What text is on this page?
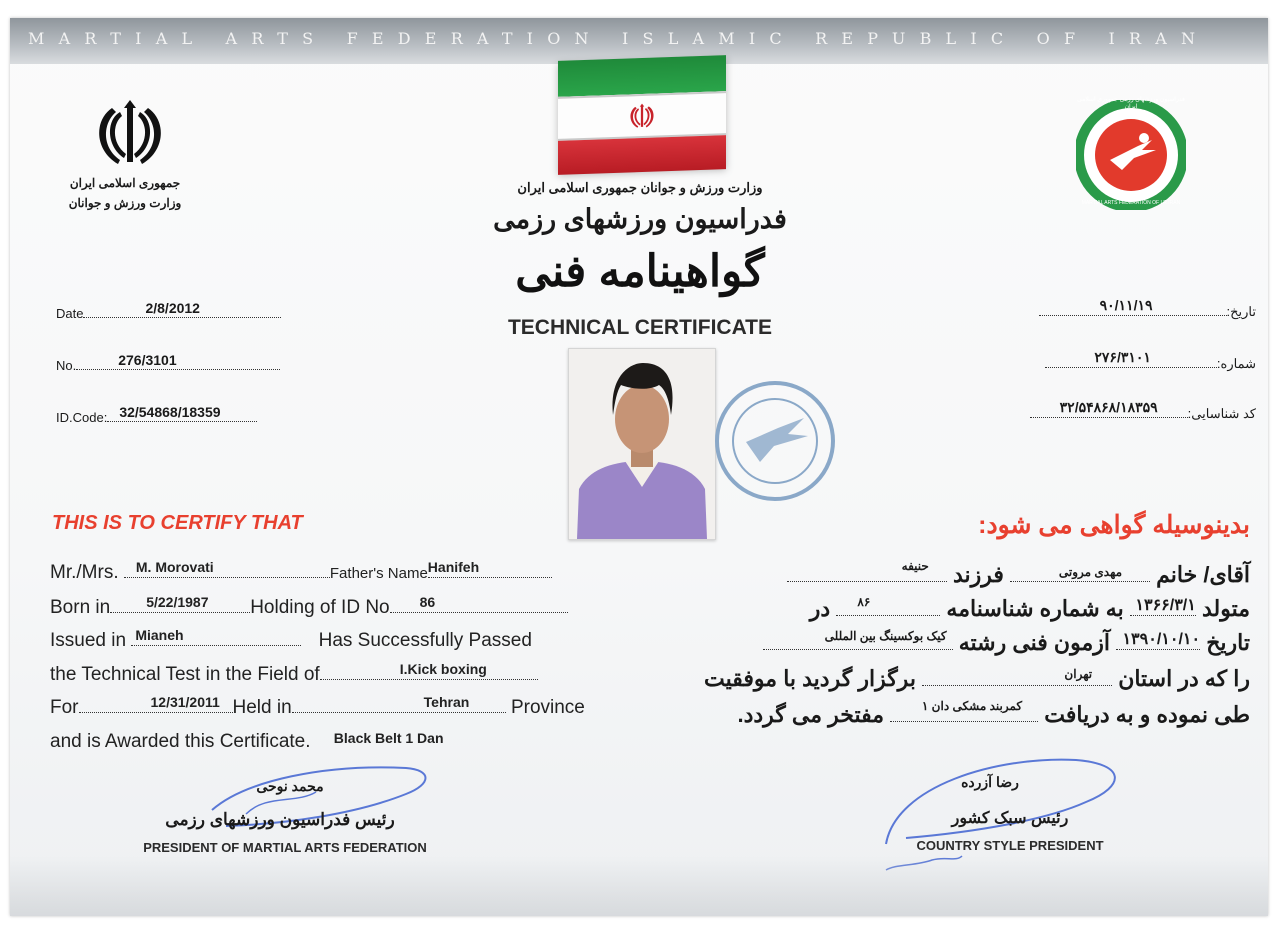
MARTIAL ARTS FEDERATION ISLAMIC REPUBLIC OF IRAN
جمهوری اسلامی ایران
وزارت ورزش و جوانان
فدراسیون ورزشهای رزمی جمهوری اسلامی ایران
MARTIAL ARTS FEDERATION OF I.R.IRAN
وزارت ورزش و جوانان جمهوری اسلامی ایران
فدراسیون ورزشهای رزمی
گواهینامه فنی
TECHNICAL CERTIFICATE
Date	2/8/2012
No.	276/3101
ID.Code: 32/54868/18359
تاریخ:
۹۰/۱۱/۱۹
شماره:
۲۷۶/۳۱۰۱
کد شناسایی:
۳۲/۵۴۸۶۸/۱۸۳۵۹
THIS IS TO CERTIFY THAT
Mr./Mrs. M. Morovati	Father's Name Hanifeh
Born in	5/22/1987 Holding of ID No 86
Issued in Mianeh	Has Successfully Passed
the Technical Test in the Field of	I.Kick boxing
For	12/31/2011 Held in	Tehran Province
and is Awarded this Certificate. $^{Black Belt 1 Dan}$
بدینوسیله گواهی می شود:
آقای/ خانم
مهدی مروتی
فرزند
حنیفه
متولد
۱۳۶۶/۳/۱
به شماره شناسنامه
۸۶
در
تاریخ
۱۳۹۰/۱۰/۱۰
آزمون فنی رشته
کیک بوکسینگ بین المللی
را که در استان
تهران
برگزار گردید با موفقیت
طی نموده و به دریافت
کمربند مشکی دان ۱
مفتخر می گردد.
محمد نوحی
رئیس فدراسیون ورزشهای رزمی
PRESIDENT OF MARTIAL ARTS FEDERATION
رضا آزرده
رئیس سبک کشور
COUNTRY STYLE PRESIDENT
